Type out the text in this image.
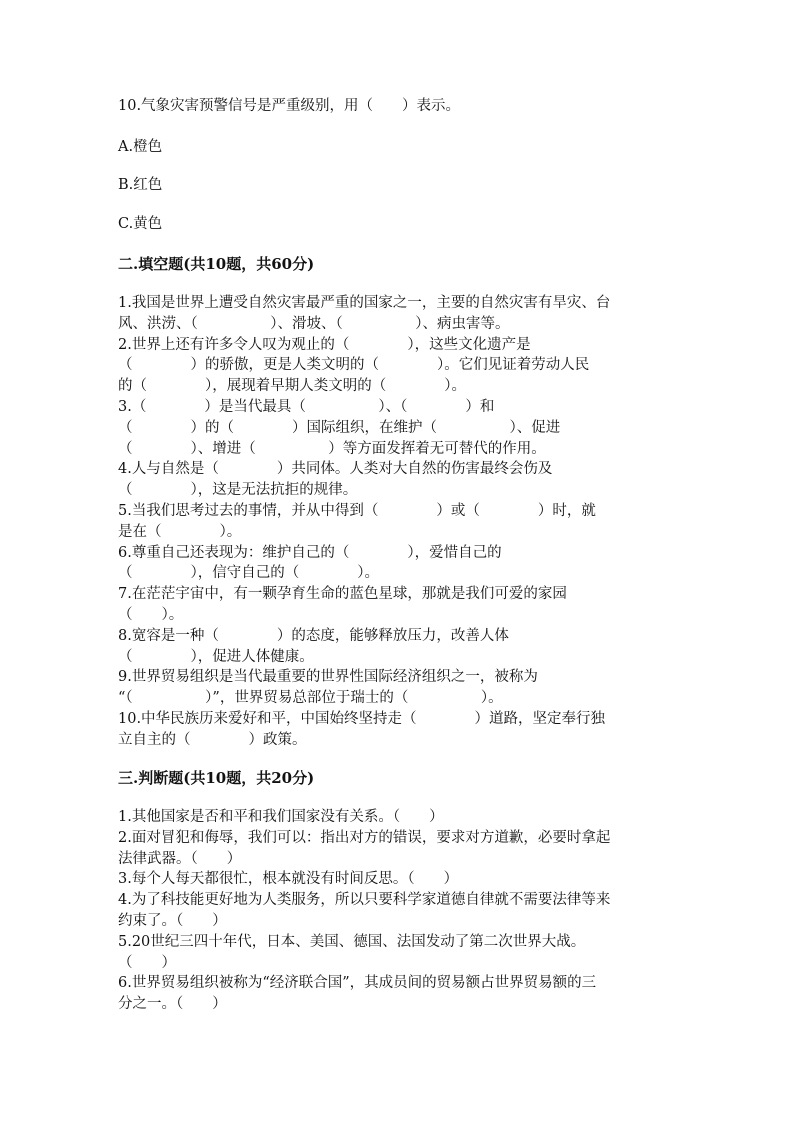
10.气象灾害预警信号是严重级别，用（　　）表示。
A.橙色
B.红色
C.黄色
二.填空题(共10题，共60分)
1.我国是世界上遭受自然灾害最严重的国家之一，主要的自然灾害有旱灾、台
风、洪涝、（　　　　　）、滑坡、（　　　　　）、病虫害等。
2.世界上还有许多令人叹为观止的（　　　　），这些文化遗产是
（　　　　）的骄傲，更是人类文明的（　　　　）。它们见证着劳动人民
的（　　　　），展现着早期人类文明的（　　　　）。
3.（　　　　）是当代最具（　　　　　）、（　　　　）和
（　　　　）的（　　　　）国际组织，在维护（　　　　　）、促进
（　　　　）、增进（　　　　　）等方面发挥着无可替代的作用。
4.人与自然是（　　　　）共同体。人类对大自然的伤害最终会伤及
（　　　　），这是无法抗拒的规律。
5.当我们思考过去的事情，并从中得到（　　　　）或（　　　　）时，就
是在（　　　　）。
6.尊重自己还表现为：维护自己的（　　　　），爱惜自己的
（　　　　），信守自己的（　　　　）。
7.在茫茫宇宙中，有一颗孕育生命的蓝色星球，那就是我们可爱的家园
（　　）。
8.宽容是一种（　　　　）的态度，能够释放压力，改善人体
（　　　　），促进人体健康。
9.世界贸易组织是当代最重要的世界性国际经济组织之一，被称为
“（　　　　　）”，世界贸易总部位于瑞士的（　　　　　）。
10.中华民族历来爱好和平，中国始终坚持走（　　　　）道路，坚定奉行独
立自主的（　　　　）政策。
三.判断题(共10题，共20分)
1.其他国家是否和平和我们国家没有关系。（　　）
2.面对冒犯和侮辱，我们可以：指出对方的错误，要求对方道歉，必要时拿起
法律武器。（　　）
3.每个人每天都很忙，根本就没有时间反思。（　　）
4.为了科技能更好地为人类服务，所以只要科学家道德自律就不需要法律等来
约束了。（　　）
5.20世纪三四十年代，日本、美国、德国、法国发动了第二次世界大战。
（　　）
6.世界贸易组织被称为“经济联合国”，其成员间的贸易额占世界贸易额的三
分之一。（　　）
